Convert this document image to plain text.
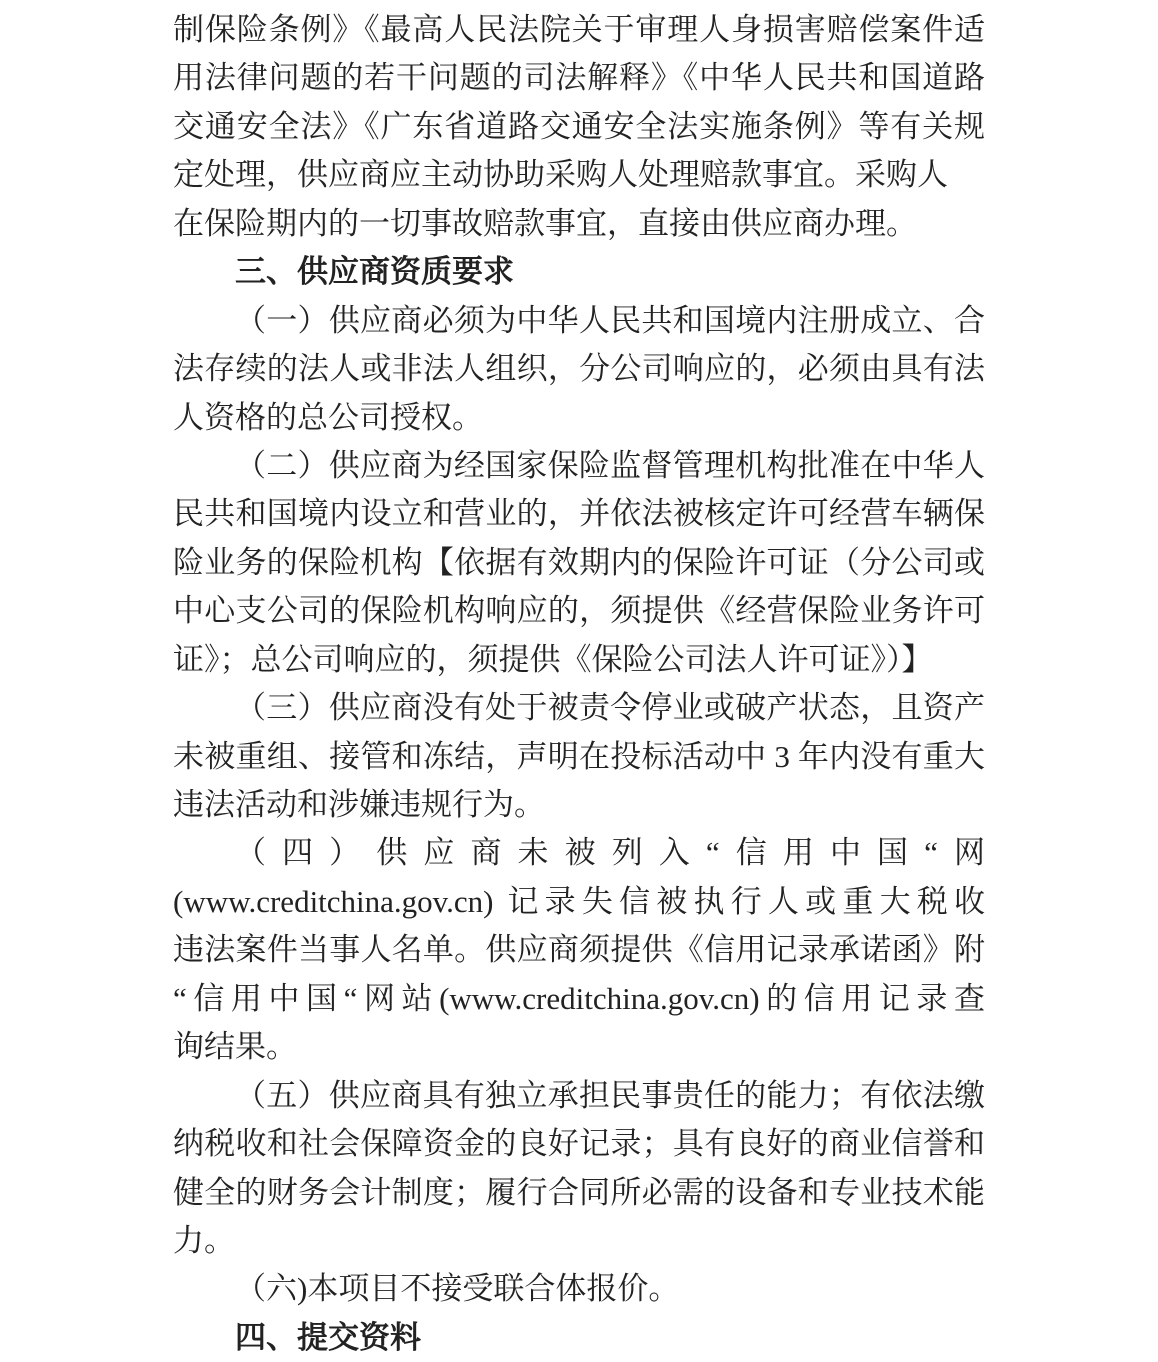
制保险条例》《最高人民法院关于审理人身损害赔偿案件适
用法律问题的若干问题的司法解释》《中华人民共和国道路
交通安全法》《广东省道路交通安全法实施条例》等有关规
定处理，供应商应主动协助采购人处理赔款事宜。采购人
在保险期内的一切事故赔款事宜，直接由供应商办理。
三、供应商资质要求
（一）供应商必须为中华人民共和国境内注册成立、合
法存续的法人或非法人组织，分公司响应的，必须由具有法
人资格的总公司授权。
（二）供应商为经国家保险监督管理机构批准在中华人
民共和国境内设立和营业的，并依法被核定许可经营车辆保
险业务的保险机构【依据有效期内的保险许可证（分公司或
中心支公司的保险机构响应的，须提供《经营保险业务许可
证》；总公司响应的，须提供《保险公司法人许可证》）】
（三）供应商没有处于被责令停业或破产状态，且资产
未被重组、接管和冻结，声明在投标活动中 3 年内没有重大
违法活动和涉嫌违规行为。
（四）供应商未被列入“信用中国“网
(www.creditchina.gov.cn) 记录失信被执行人或重大税收
违法案件当事人名单。供应商须提供《信用记录承诺函》附
“信用中国“网站(www.creditchina.gov.cn)的信用记录查
询结果。
（五）供应商具有独立承担民事贵任的能力；有依法缴
纳税收和社会保障资金的良好记录；具有良好的商业信誉和
健全的财务会计制度；履行合同所必需的设备和专业技术能
力。
（六)本项目不接受联合体报价。
四、提交资料
